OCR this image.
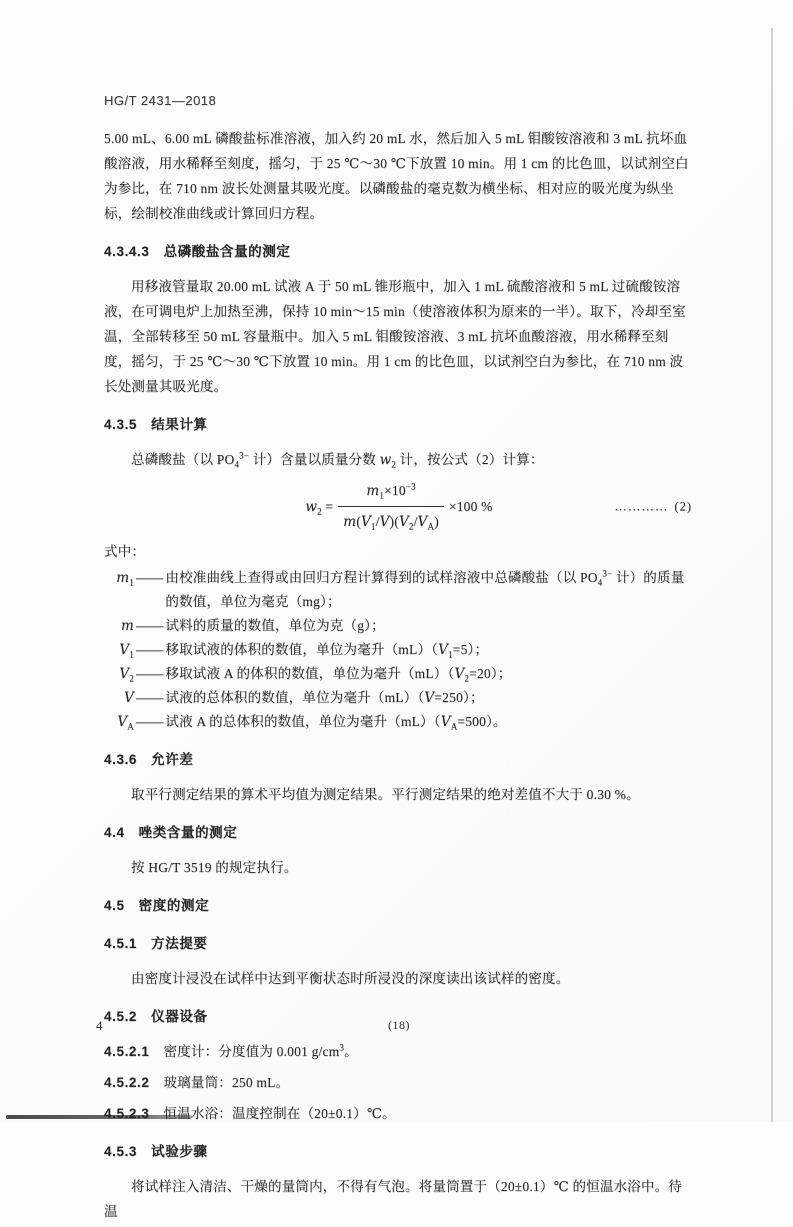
HG/T 2431—2018

5.00 mL、6.00 mL 磷酸盐标准溶液，加入约 20 mL 水，然后加入 5 mL 钼酸铵溶液和 3 mL 抗坏血酸溶液，用水稀释至刻度，摇匀，于 25 ℃～30 ℃下放置 10 min。用 1 cm 的比色皿，以试剂空白为参比，在 710 nm 波长处测量其吸光度。以磷酸盐的毫克数为横坐标、相对应的吸光度为纵坐标，绘制校准曲线或计算回归方程。

4.3.4.3　总磷酸盐含量的测定

用移液管量取 20.00 mL 试液 A 于 50 mL 锥形瓶中，加入 1 mL 硫酸溶液和 5 mL 过硫酸铵溶液，在可调电炉上加热至沸，保持 10 min～15 min（使溶液体积为原来的一半）。取下，冷却至室温，全部转移至 50 mL 容量瓶中。加入 5 mL 钼酸铵溶液、3 mL 抗坏血酸溶液，用水稀释至刻度，摇匀，于 25 ℃～30 ℃下放置 10 min。用 1 cm 的比色皿，以试剂空白为参比，在 710 nm 波长处测量其吸光度。

4.3.5　结果计算

总磷酸盐（以 $PO_4^{3-}$ 计）含量以质量分数 $w_2$ 计，按公式（2）计算：

$w_2 = \frac{m_1\times 10^{-3}}{m(V_1/V)(V_2/V_A)} \times 100$ %	………… (2)

式中：

$m_1$ —— 由校准曲线上查得或由回归方程计算得到的试样溶液中总磷酸盐（以 $PO_4^{3-}$ 计）的质量的数值，单位为毫克（mg）；
m —— 试料的质量的数值，单位为克（g）；
$V_1$ —— 移取试液的体积的数值，单位为毫升$(mL)(V_1=5)$；
$V_2$ —— 移取试液 A 的体积的数值，单位为毫升$(mL)(V_2=20)$；
V —— 试液的总体积的数值，单位为毫升（mL）（V=250）；
$V_A$ —— 试液 A 的总体积的数值，单位为毫升$(mL)(V_A=500)$。
4.3.6　允许差

取平行测定结果的算术平均值为测定结果。平行测定结果的绝对差值不大于 0.30 %。

4.4　唑类含量的测定

按 HG/T 3519 的规定执行。

4.5　密度的测定
4.5.1　方法提要

由密度计浸没在试样中达到平衡状态时所浸没的深度读出该试样的密度。

4.5.2　仪器设备

4.5.2.1 密度计：分度值为 0.001 $g/cm^3$。

4.5.2.2 玻璃量筒：250 mL。

4.5.2.3 恒温水浴：温度控制在（20±0.1）℃。

4.5.3　试验步骤

将试样注入清洁、干燥的量筒内，不得有气泡。将量筒置于（20±0.1）℃ 的恒温水浴中。待温

4	(18)
